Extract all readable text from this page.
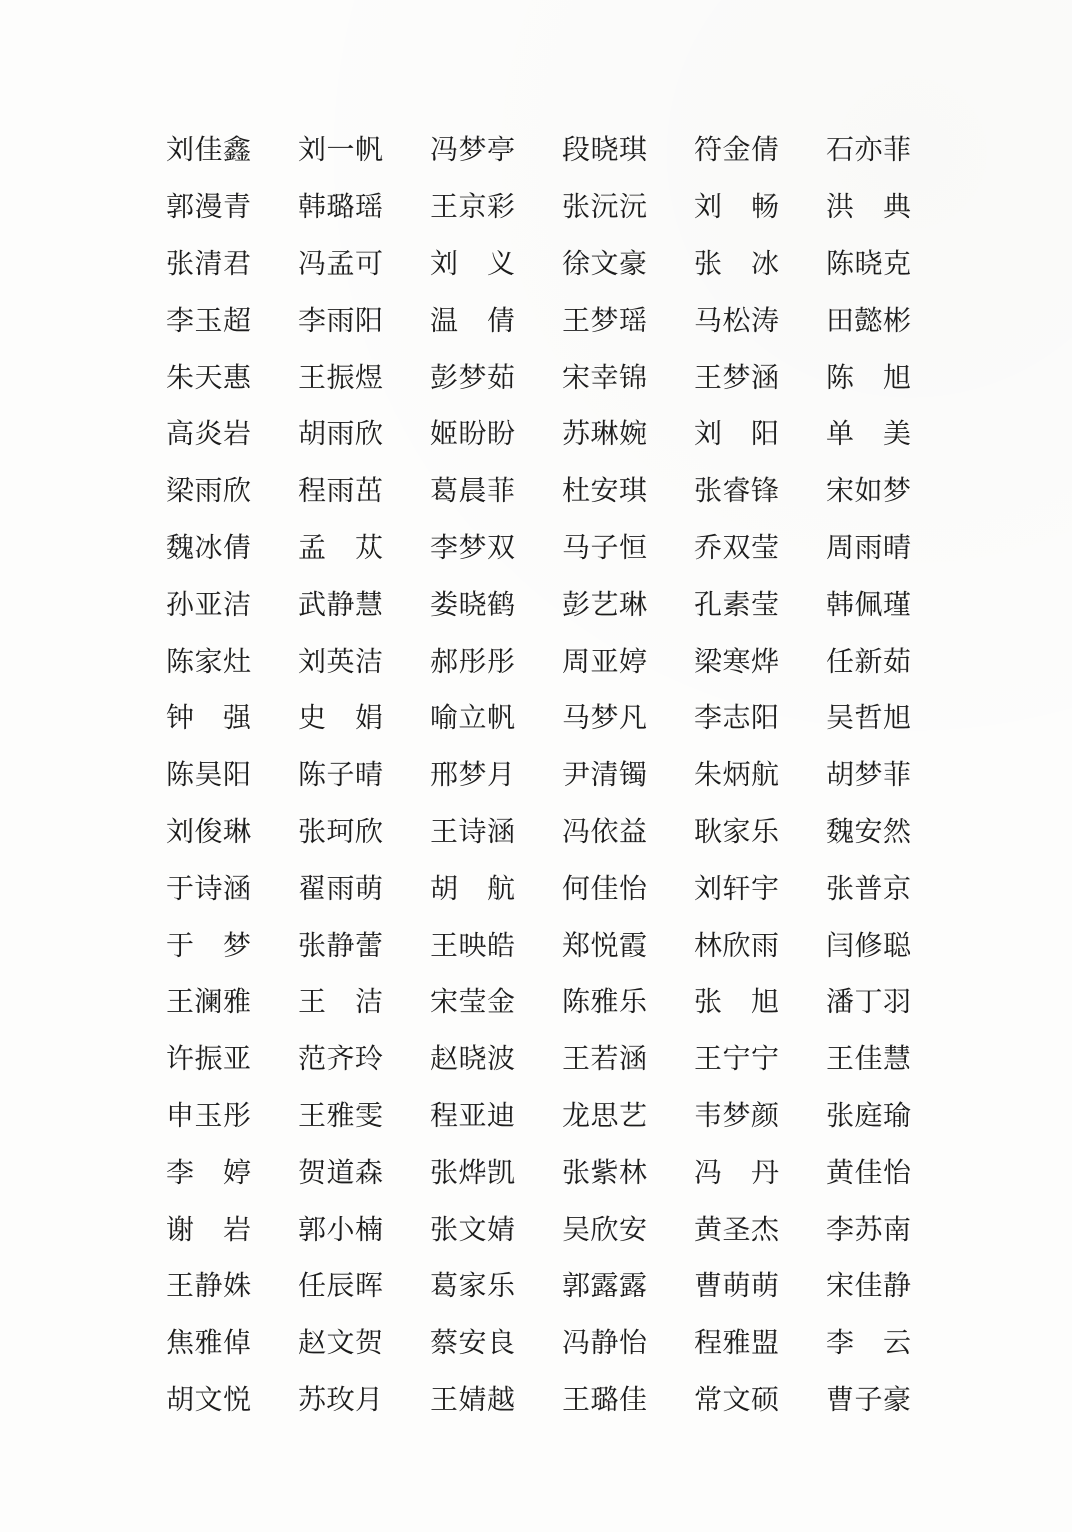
刘佳鑫	刘一帆	冯梦亭	段晓琪	符金倩	石亦菲
郭漫青	韩璐瑶	王京彩	张沅沅	刘　畅	洪　典
张清君	冯孟可	刘　义	徐文豪	张　冰	陈晓克
李玉超	李雨阳	温　倩	王梦瑶	马松涛	田懿彬
朱天惠	王振煜	彭梦茹	宋幸锦	王梦涵	陈　旭
高炎岩	胡雨欣	姬盼盼	苏琳婉	刘　阳	单　美
梁雨欣	程雨茁	葛晨菲	杜安琪	张睿锋	宋如梦
魏冰倩	孟　苁	李梦双	马子恒	乔双莹	周雨晴
孙亚洁	武静慧	娄晓鹤	彭艺琳	孔素莹	韩佩瑾
陈家灶	刘英洁	郝彤彤	周亚婷	梁寒烨	任新茹
钟　强	史　娟	喻立帆	马梦凡	李志阳	吴哲旭
陈昊阳	陈子晴	邢梦月	尹清镯	朱炳航	胡梦菲
刘俊琳	张珂欣	王诗涵	冯依益	耿家乐	魏安然
于诗涵	翟雨萌	胡　航	何佳怡	刘轩宇	张普京
于　梦	张静蕾	王映皓	郑悦霞	林欣雨	闫修聪
王澜雅	王　洁	宋莹金	陈雅乐	张　旭	潘丁羽
许振亚	范齐玲	赵晓波	王若涵	王宁宁	王佳慧
申玉彤	王雅雯	程亚迪	龙思艺	韦梦颜	张庭瑜
李　婷	贺道森	张烨凯	张紫林	冯　丹	黄佳怡
谢　岩	郭小楠	张文婧	吴欣安	黄圣杰	李苏南
王静姝	任辰晖	葛家乐	郭露露	曹萌萌	宋佳静
焦雅倬	赵文贺	蔡安良	冯静怡	程雅盟	李　云
胡文悦	苏玫月	王婧越	王璐佳	常文硕	曹子豪
